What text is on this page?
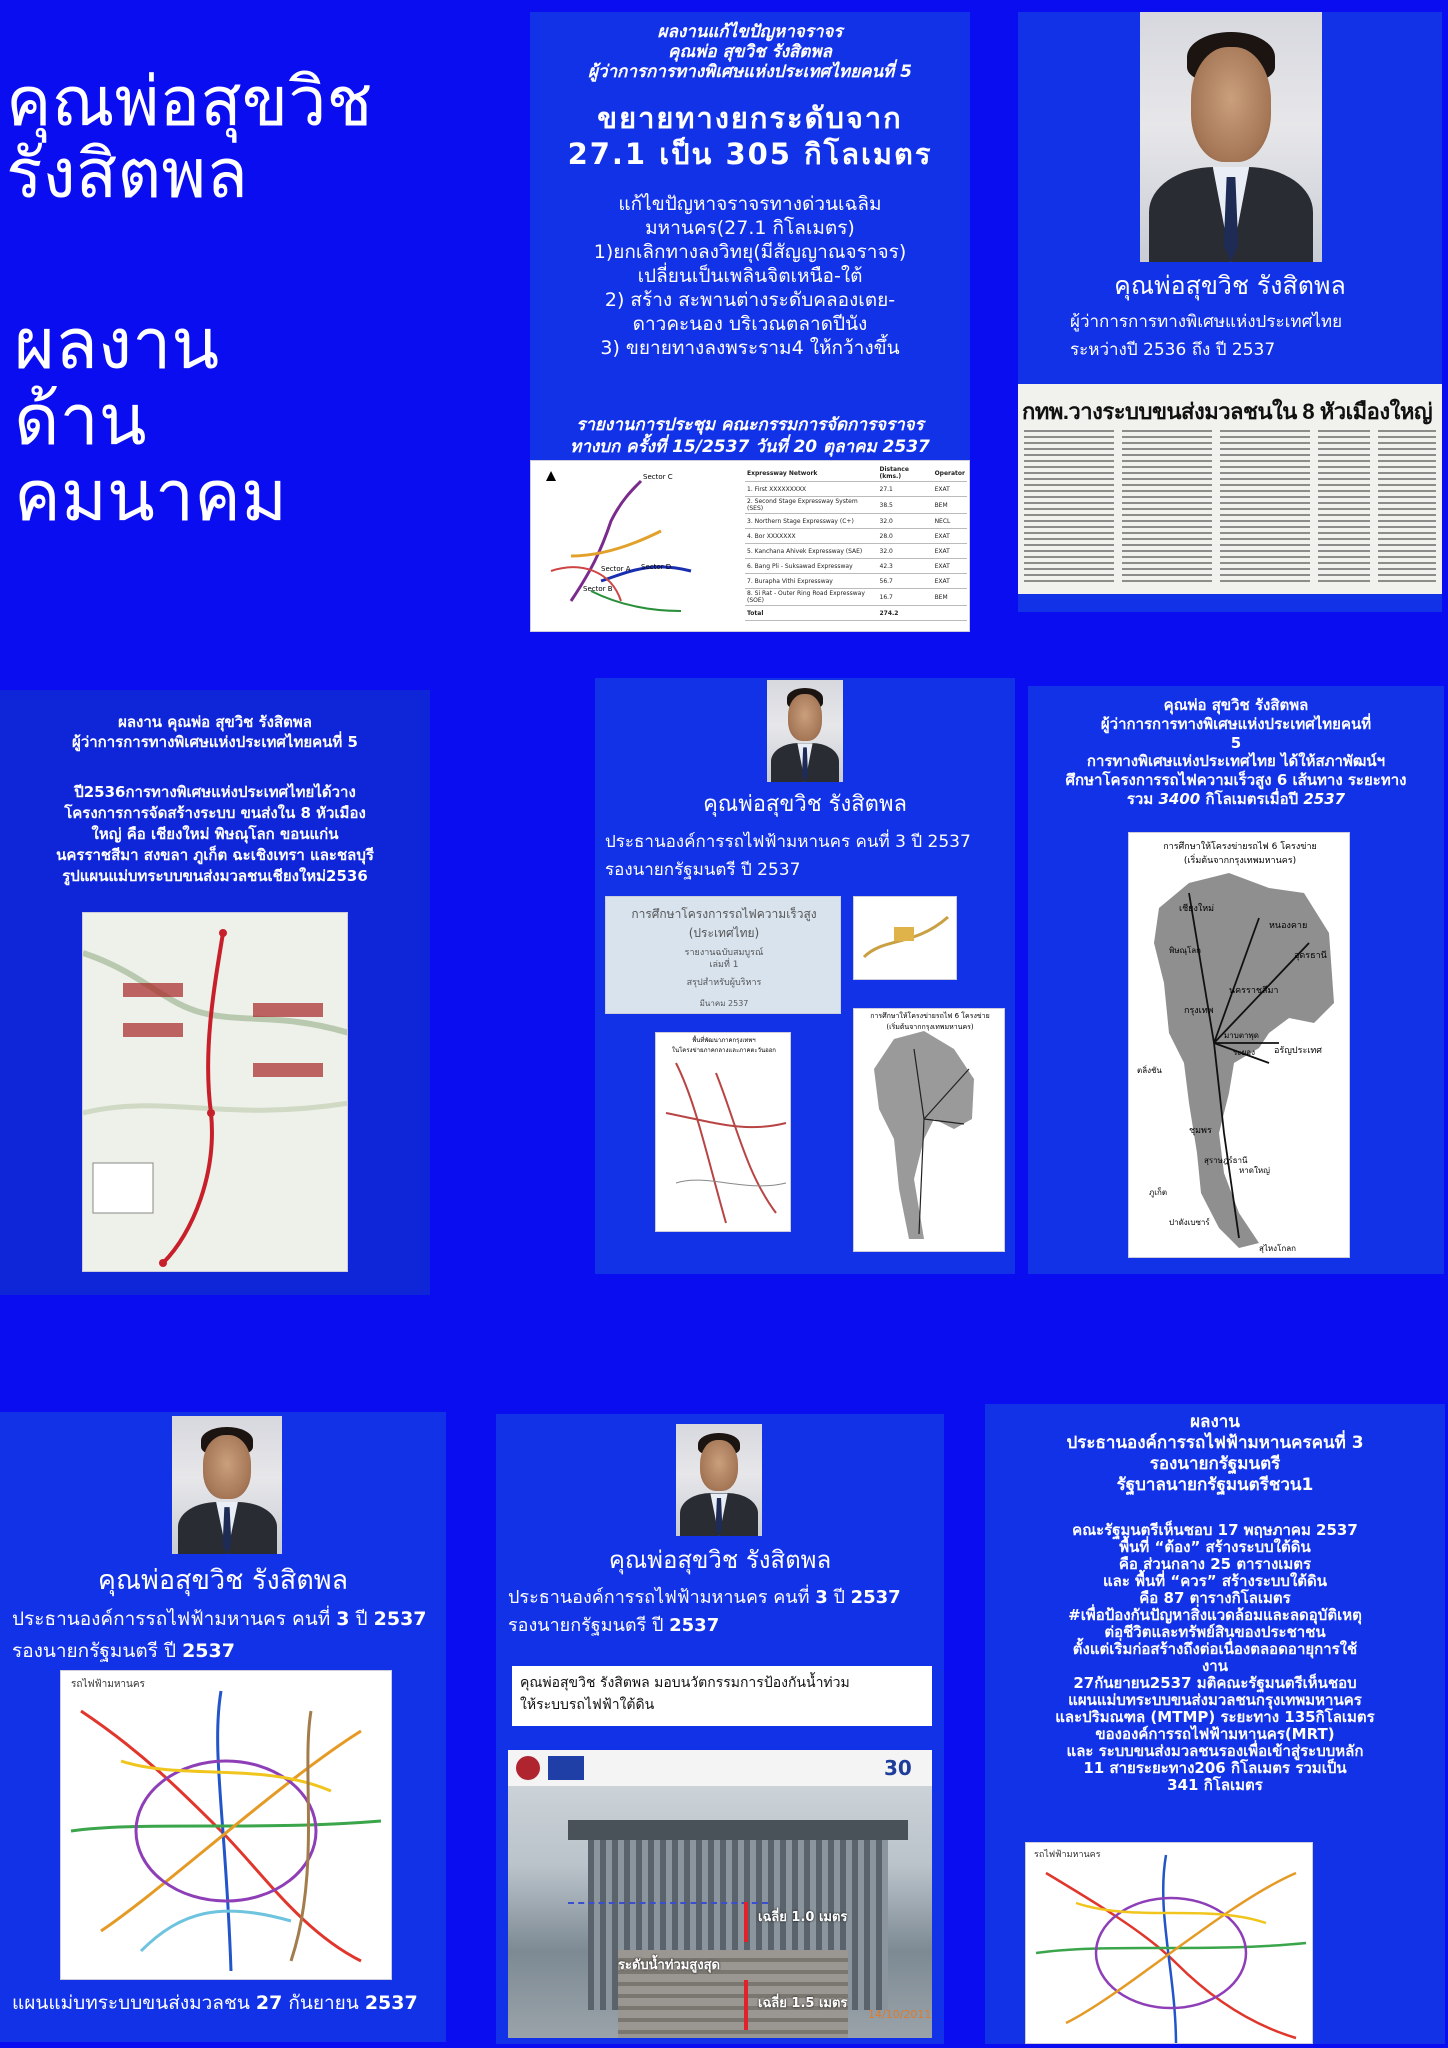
คุณพ่อสุขวิช
รังสิตพล
ผลงาน
ด้านคมนาคม
ผลงานแก้ไขปัญหาจราจร
คุณพ่อ สุขวิช รังสิตพล
ผู้ว่าการการทางพิเศษแห่งประเทศไทยคนที่ 5
ขยายทางยกระดับจาก
27.1 เป็น 305 กิโลเมตร
แก้ไขปัญหาจราจรทางด่วนเฉลิม
มหานคร(27.1 กิโลเมตร)
1)ยกเลิกทางลงวิทยุ(มีสัญญาณจราจร)
เปลี่ยนเป็นเพลินจิตเหนือ-ใต้
2) สร้าง สะพานต่างระดับคลองเตย-
ดาวคะนอง บริเวณตลาดปีนัง
3) ขยายทางลงพระราม4 ให้กว้างขึ้น
รายงานการประชุม คณะกรรมการจัดการจราจร
ทางบก ครั้งที่ 15/2537 วันที่ 20 ตุลาคม 2537
Sector C
Sector A
Sector B
Sector D
Expressway Network	Distance (kms.)	Operator
1. First XXXXXXXXX	27.1	EXAT
2. Second Stage Expressway System (SES)	38.5	BEM
3. Northern Stage Expressway (C+)	32.0	NECL
4. Bor XXXXXXX	28.0	EXAT
5. Kanchana Ahivek Expressway (SAE)	32.0	EXAT
6. Bang Pli - Suksawad Expressway	42.3	EXAT
7. Burapha Vithi Expressway	56.7	EXAT
8. Si Rat - Outer Ring Road Expressway (SOE)	16.7	BEM
Total	274.2	
คุณพ่อสุขวิช รังสิตพล
ผู้ว่าการการทางพิเศษแห่งประเทศไทย
ระหว่างปี 2536 ถึง ปี 2537
กทพ.วางระบบขนส่งมวลชนใน 8 หัวเมืองใหญ่
ผลงาน คุณพ่อ สุขวิช รังสิตพล
ผู้ว่าการการทางพิเศษแห่งประเทศไทยคนที่ 5
ปี2536การทางพิเศษแห่งประเทศไทยได้วาง
โครงการการจัดสร้างระบบ ขนส่งใน 8 หัวเมือง
ใหญ่ คือ เชียงใหม่ พิษณุโลก ขอนแก่น
นครราชสีมา สงขลา ภูเก็ต ฉะเชิงเทรา และชลบุรี
รูปแผนแม่บทระบบขนส่งมวลชนเชียงใหม่2536
คุณพ่อสุขวิช รังสิตพล
ประธานองค์การรถไฟฟ้ามหานคร คนที่ 3 ปี 2537
รองนายกรัฐมนตรี ปี 2537
การศึกษาโครงการรถไฟความเร็วสูง
(ประเทศไทย)
รายงานฉบับสมบูรณ์
เล่มที่ 1
สรุปสำหรับผู้บริหาร
มีนาคม 2537
พื้นที่พัฒนาภาคกรุงเทพฯ
ในโครงข่ายภาคกลางและภาคตะวันออก
การศึกษาให้โครงข่ายรถไฟ 6 โครงข่าย
(เริ่มต้นจากกรุงเทพมหานคร)
คุณพ่อ สุขวิช รังสิตพล
ผู้ว่าการการทางพิเศษแห่งประเทศไทยคนที่
5
การทางพิเศษแห่งประเทศไทย ได้ให้สภาพัฒน์ฯ
ศึกษาโครงการรถไฟความเร็วสูง 6 เส้นทาง ระยะทาง
รวม 3400 กิโลเมตรเมื่อปี 2537
การศึกษาให้โครงข่ายรถไฟ 6 โครงข่าย
(เริ่มต้นจากกรุงเทพมหานคร)
เชียงใหม่
หนองคาย
อุดรธานี
นครราชสีมา
กรุงเทพ
มาบตาพุด
ระยอง อรัญประเทศ
ตลิ่งชัน
ชุมพร
สุราษฎร์ธานี
ภูเก็ต
ปาดังเบซาร์
สุไหงโกลก
หาดใหญ่
พิษณุโลก
คุณพ่อสุขวิช รังสิตพล
ประธานองค์การรถไฟฟ้ามหานคร คนที่ 3 ปี 2537
รองนายกรัฐมนตรี ปี 2537
รถไฟฟ้ามหานคร
แผนแม่บทระบบขนส่งมวลชน 27 กันยายน 2537
คุณพ่อสุขวิช รังสิตพล
ประธานองค์การรถไฟฟ้ามหานคร คนที่ 3 ปี 2537
รองนายกรัฐมนตรี ปี 2537
คุณพ่อสุขวิช รังสิตพล มอบนวัตกรรมการป้องกันน้ำท่วม
ให้ระบบรถไฟฟ้าใต้ดิน
30
เฉลี่ย 1.0 เมตร
ระดับน้ำท่วมสูงสุด
เฉลี่ย 1.5 เมตร
14/10/2011
ผลงาน
ประธานองค์การรถไฟฟ้ามหานครคนที่ 3
รองนายกรัฐมนตรี
รัฐบาลนายกรัฐมนตรีชวน1
คณะรัฐมนตรีเห็นชอบ 17 พฤษภาคม 2537
พื้นที่ “ต้อง” สร้างระบบใต้ดิน
คือ ส่วนกลาง 25 ตารางเมตร
และ พื้นที่ “ควร” สร้างระบบใต้ดิน
คือ 87 ตารางกิโลเมตร
#เพื่อป้องกันปัญหาสิ่งแวดล้อมและลดอุบัติเหตุ
ต่อชีวิตและทรัพย์สินของประชาชน
ตั้งแต่เริ่มก่อสร้างถึงต่อเนื่องตลอดอายุการใช้
งาน
27กันยายน2537 มติคณะรัฐมนตรีเห็นชอบ
แผนแม่บทระบบขนส่งมวลชนกรุงเทพมหานคร
และปริมณฑล (MTMP) ระยะทาง 135กิโลเมตร
ขององค์การรถไฟฟ้ามหานคร(MRT)
และ ระบบขนส่งมวลชนรองเพื่อเข้าสู่ระบบหลัก
11 สายระยะทาง206 กิโลเมตร รวมเป็น
341 กิโลเมตร
รถไฟฟ้ามหานคร
